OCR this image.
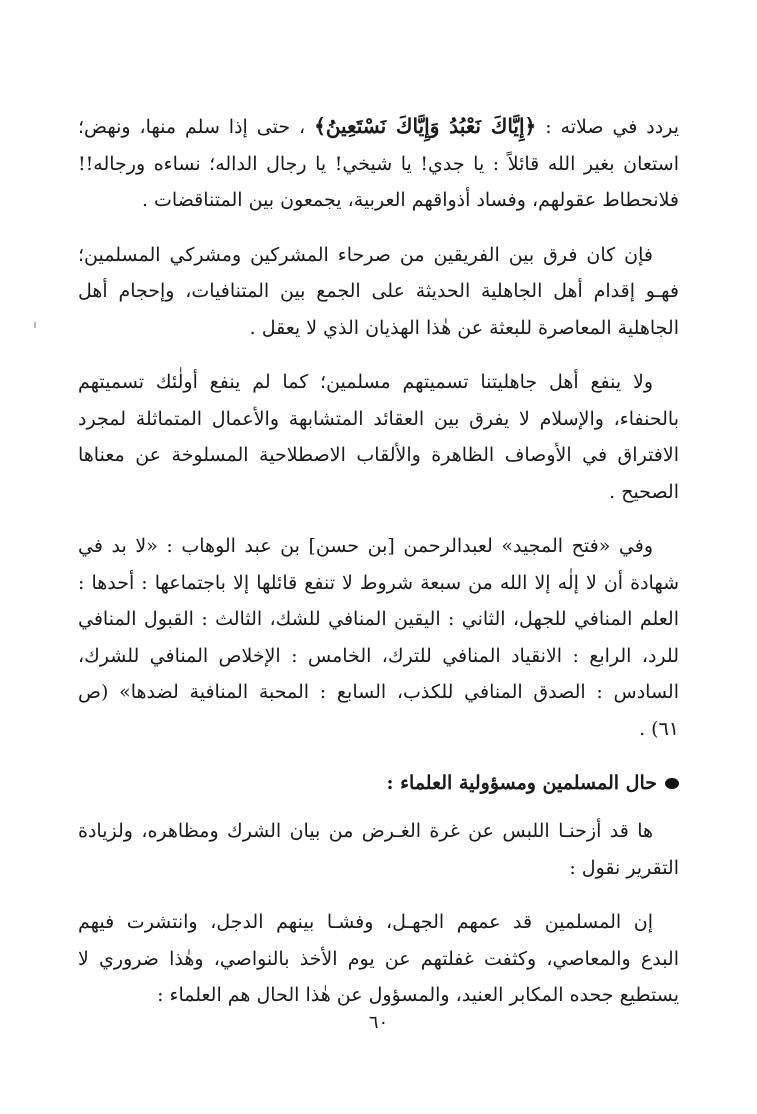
يردد في صلاته : ﴿إِيَّاكَ نَعْبُدُ وَإِيَّاكَ نَسْتَعِينُ﴾ ، حتى إذا سلم منها، ونهض؛
استعان بغير الله قائلاً : يا جدي! يا شيخي! يا رجال الداله؛ نساءه ورجاله!!
فلانحطاط عقولهم، وفساد أذواقهم العربية، يجمعون بين المتناقضات .

فإن كان فرق بين الفريقين من صرحاء المشركين ومشركي المسلمين؛
فهـو إقدام أهل الجاهلية الحديثة على الجمع بين المتنافيات، وإحجام أهل
الجاهلية المعاصرة للبعثة عن هٰذا الهذيان الذي لا يعقل .

ولا ينفع أهل جاهليتنا تسميتهم مسلمين؛ كما لم ينفع أولٰئك تسميتهم
بالحنفاء، والإسلام لا يفرق بين العقائد المتشابهة والأعمال المتماثلة لمجرد
الافتراق في الأوصاف الظاهرة والألقاب الاصطلاحية المسلوخة عن معناها
الصحيح .

وفي «فتح المجيد» لعبدالرحمن [بن حسن] بن عبد الوهاب : «لا بد في
شهادة أن لا إلٰه إلا الله من سبعة شروط لا تنفع قائلها إلا باجتماعها : أحدها :
العلم المنافي للجهل، الثاني : اليقين المنافي للشك، الثالث : القبول المنافي
للرد، الرابع : الانقياد المنافي للترك، الخامس : الإخلاص المنافي للشرك،
السادس : الصدق المنافي للكذب، السابع : المحبة المنافية لضدها» (ص
٦١) .

حال المسلمين ومسؤولية العلماء :

ها قد أزحنـا اللبس عن غرة الغـرض من بيان الشرك ومظاهره، ولزيادة
التقرير نقول :

إن المسلمين قد عمهم الجهـل، وفشـا بينهم الدجل، وانتشرت فيهم
البدع والمعاصي، وكثفت غفلتهم عن يوم الأخذ بالنواصي، وهٰذا ضروري لا
يستطيع جحده المكابر العنيد، والمسؤول عن هٰذا الحال هم العلماء :

٦٠
